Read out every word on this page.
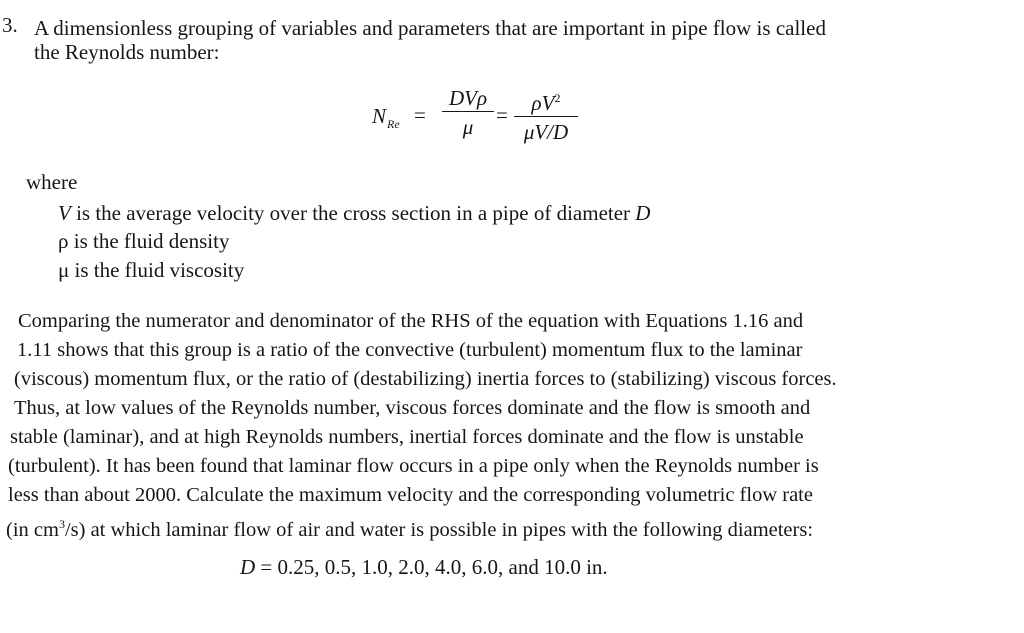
3. A dimensionless grouping of variables and parameters that are important in pipe flow is called
the Reynolds number:
$N_{Re}$ =
DVρ
μ
=	$\rho V^2$
μV/D
where
V is the average velocity over the cross section in a pipe of diameter D
ρ is the fluid density
μ is the fluid viscosity
Comparing the numerator and denominator of the RHS of the equation with Equations 1.16 and
1.11 shows that this group is a ratio of the convective (turbulent) momentum flux to the laminar
(viscous) momentum flux, or the ratio of (destabilizing) inertia forces to (stabilizing) viscous forces.
Thus, at low values of the Reynolds number, viscous forces dominate and the flow is smooth and
stable (laminar), and at high Reynolds numbers, inertial forces dominate and the flow is unstable
(turbulent). It has been found that laminar flow occurs in a pipe only when the Reynolds number is
less than about 2000. Calculate the maximum velocity and the corresponding volumetric flow rate
(in $cm^3/s$) at which laminar flow of air and water is possible in pipes with the following diameters:
D = 0.25, 0.5, 1.0, 2.0, 4.0, 6.0, and 10.0 in.
